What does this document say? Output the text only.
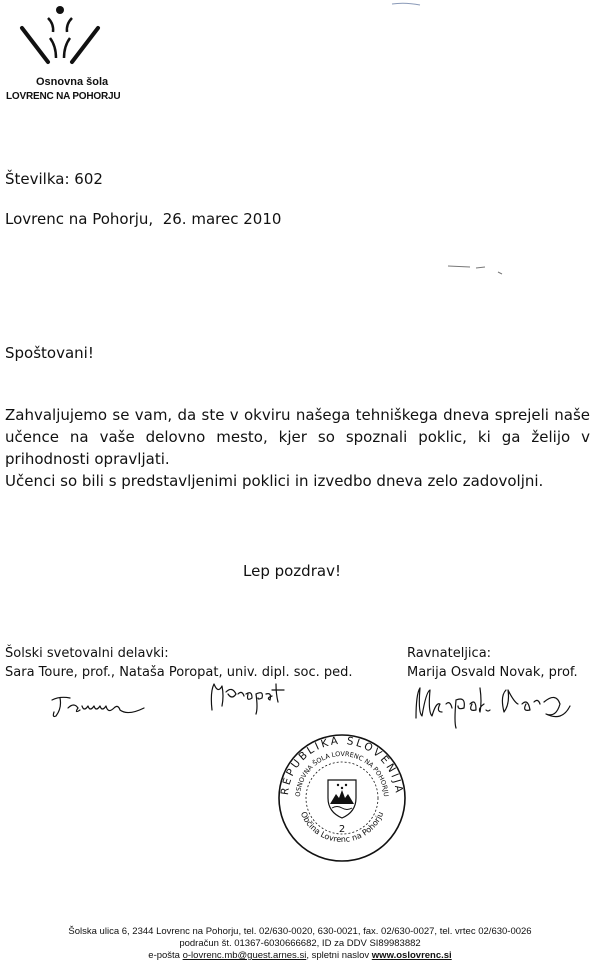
Osnovna šola
LOVRENC NA POHORJU
Številka: 602
Lovrenc na Pohorju,  26. marec 2010
Spoštovani!

Zahvaljujemo se vam, da ste v okviru našega tehniškega dneva sprejeli naše učence na vaše delovno mesto, kjer so spoznali poklic, ki ga želijo v prihodnosti opravljati.

Učenci so bili s predstavljenimi poklici in izvedbo dneva zelo zadovoljni.

Lep pozdrav!
Šolski svetovalni delavki:
Sara Toure, prof., Nataša Poropat, univ. dipl. soc. ped.
Ravnateljica:
Marija Osvald Novak, prof.
REPUBLIKA SLOVENIJA
OSNOVNA ŠOLA LOVRENC NA POHORJU
Občina Lovrenc na Pohorju
2
Šolska ulica 6, 2344 Lovrenc na Pohorju, tel. 02/630-0020, 630-0021, fax. 02/630-0027, tel. vrtec 02/630-0026
podračun št. 01367-6030666682, ID za DDV SI89983882
e-pošta o-lovrenc.mb@guest.arnes.si, spletni naslov www.oslovrenc.si
